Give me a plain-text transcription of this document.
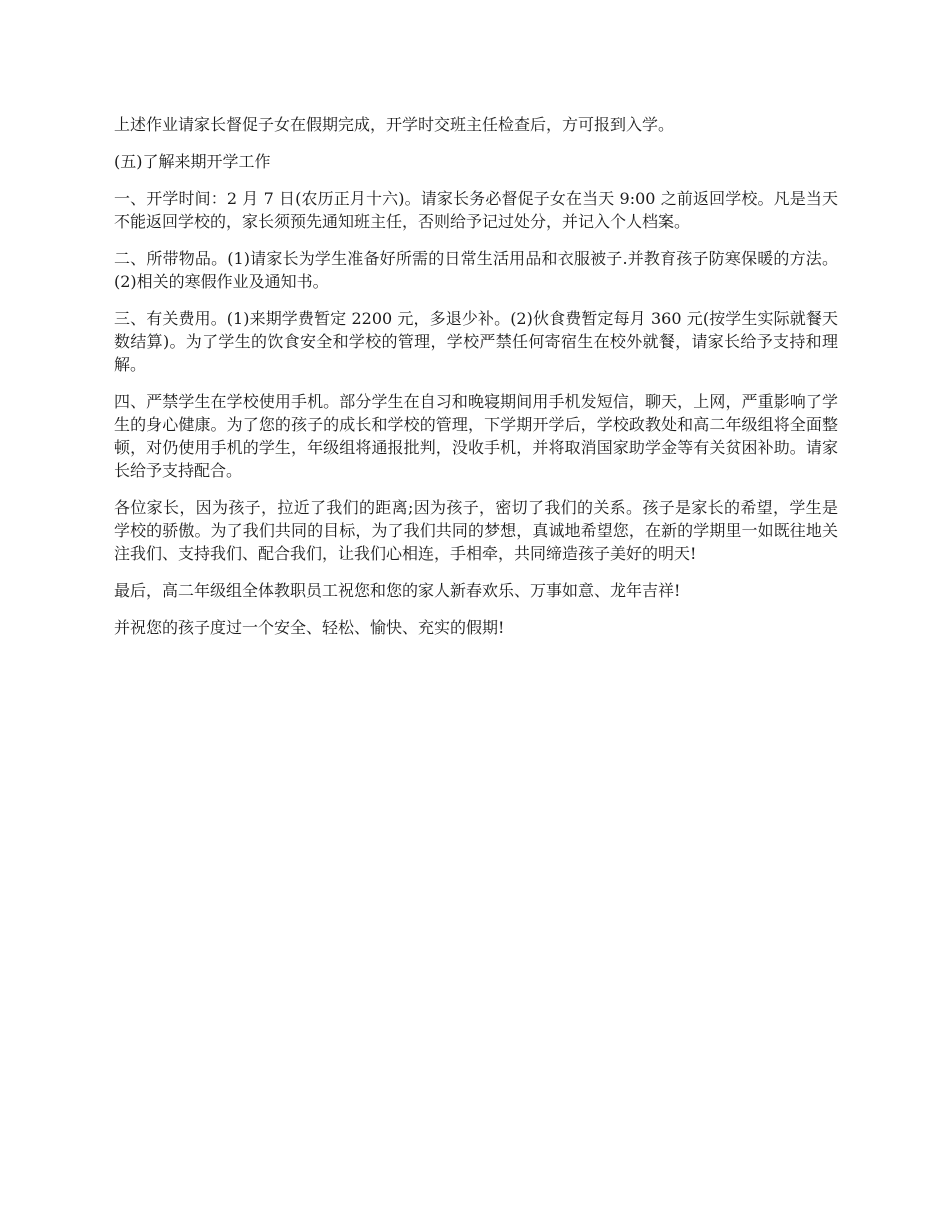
上述作业请家长督促子女在假期完成，开学时交班主任检查后，方可报到入学。

(五)了解来期开学工作

一、开学时间：2 月 7 日(农历正月十六)。请家长务必督促子女在当天 9:00 之前返回学校。凡是当天不能返回学校的，家长须预先通知班主任，否则给予记过处分，并记入个人档案。

二、所带物品。(1)请家长为学生准备好所需的日常生活用品和衣服被子.并教育孩子防寒保暖的方法。(2)相关的寒假作业及通知书。

三、有关费用。(1)来期学费暂定 2200 元，多退少补。(2)伙食费暂定每月 360 元(按学生实际就餐天数结算)。为了学生的饮食安全和学校的管理，学校严禁任何寄宿生在校外就餐，请家长给予支持和理解。

四、严禁学生在学校使用手机。部分学生在自习和晚寝期间用手机发短信，聊天，上网，严重影响了学生的身心健康。为了您的孩子的成长和学校的管理，下学期开学后，学校政教处和高二年级组将全面整顿，对仍使用手机的学生，年级组将通报批判，没收手机，并将取消国家助学金等有关贫困补助。请家长给予支持配合。

各位家长，因为孩子，拉近了我们的距离;因为孩子，密切了我们的关系。孩子是家长的希望，学生是学校的骄傲。为了我们共同的目标，为了我们共同的梦想，真诚地希望您，在新的学期里一如既往地关注我们、支持我们、配合我们，让我们心相连，手相牵，共同缔造孩子美好的明天!

最后，高二年级组全体教职员工祝您和您的家人新春欢乐、万事如意、龙年吉祥!

并祝您的孩子度过一个安全、轻松、愉快、充实的假期!
